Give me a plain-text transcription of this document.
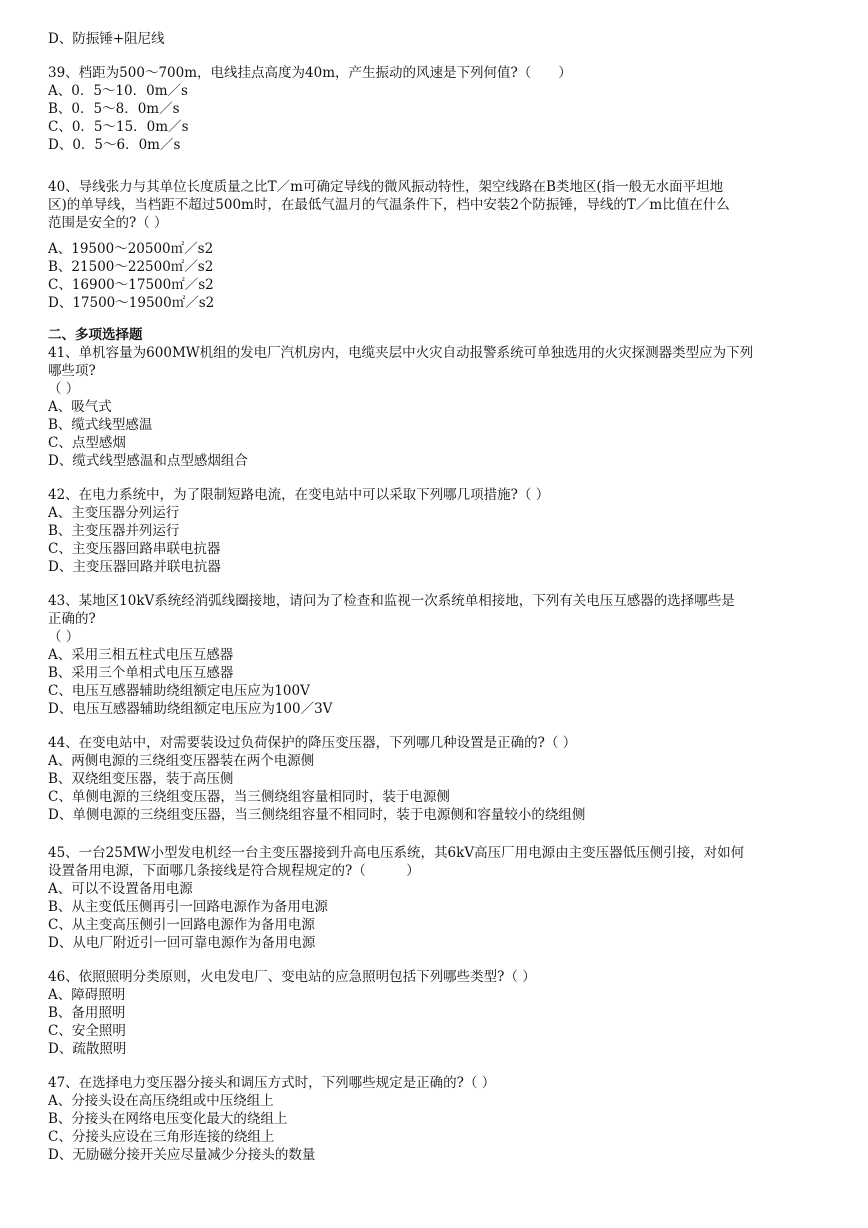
D、防振锤+阻尼线
39、档距为500～700m，电线挂点高度为40m，产生振动的风速是下列何值?（　　）
A、0．5～10．0m／s
B、0．5～8．0m／s
C、0．5～15．0m／s
D、0．5～6．0m／s
40、导线张力与其单位长度质量之比T／m可确定导线的微风振动特性，架空线路在B类地区(指一般无水面平坦地
区)的单导线，当档距不超过500m时，在最低气温月的气温条件下，档中安装2个防振锤，导线的T／m比值在什么
范围是安全的?（ ）
A、19500～20500㎡／s2
B、21500～22500㎡／s2
C、16900～17500㎡／s2
D、17500～19500㎡／s2
二、多项选择题
41、单机容量为600MW机组的发电厂汽机房内，电缆夹层中火灾自动报警系统可单独选用的火灾探测器类型应为下列
哪些项?
（ ）
A、吸气式
B、缆式线型感温
C、点型感烟
D、缆式线型感温和点型感烟组合
42、在电力系统中，为了限制短路电流，在变电站中可以采取下列哪几项措施?（ ）
A、主变压器分列运行
B、主变压器并列运行
C、主变压器回路串联电抗器
D、主变压器回路并联电抗器
43、某地区10kV系统经消弧线圈接地，请问为了检查和监视一次系统单相接地，下列有关电压互感器的选择哪些是
正确的?
（ ）
A、采用三相五柱式电压互感器
B、采用三个单相式电压互感器
C、电压互感器辅助绕组额定电压应为100V
D、电压互感器辅助绕组额定电压应为100／3V
44、在变电站中，对需要装设过负荷保护的降压变压器，下列哪几种设置是正确的?（ ）
A、两侧电源的三绕组变压器装在两个电源侧
B、双绕组变压器，装于高压侧
C、单侧电源的三绕组变压器，当三侧绕组容量相同时，装于电源侧
D、单侧电源的三绕组变压器，当三侧绕组容量不相同时，装于电源侧和容量较小的绕组侧
45、一台25MW小型发电机经一台主变压器接到升高电压系统，其6kV高压厂用电源由主变压器低压侧引接，对如何
设置备用电源，下面哪几条接线是符合规程规定的?（　　　）
A、可以不设置备用电源
B、从主变低压侧再引一回路电源作为备用电源
C、从主变高压侧引一回路电源作为备用电源
D、从电厂附近引一回可靠电源作为备用电源
46、依照照明分类原则，火电发电厂、变电站的应急照明包括下列哪些类型?（ ）
A、障碍照明
B、备用照明
C、安全照明
D、疏散照明
47、在选择电力变压器分接头和调压方式时，下列哪些规定是正确的?（ ）
A、分接头设在高压绕组或中压绕组上
B、分接头在网络电压变化最大的绕组上
C、分接头应设在三角形连接的绕组上
D、无励磁分接开关应尽量减少分接头的数量
